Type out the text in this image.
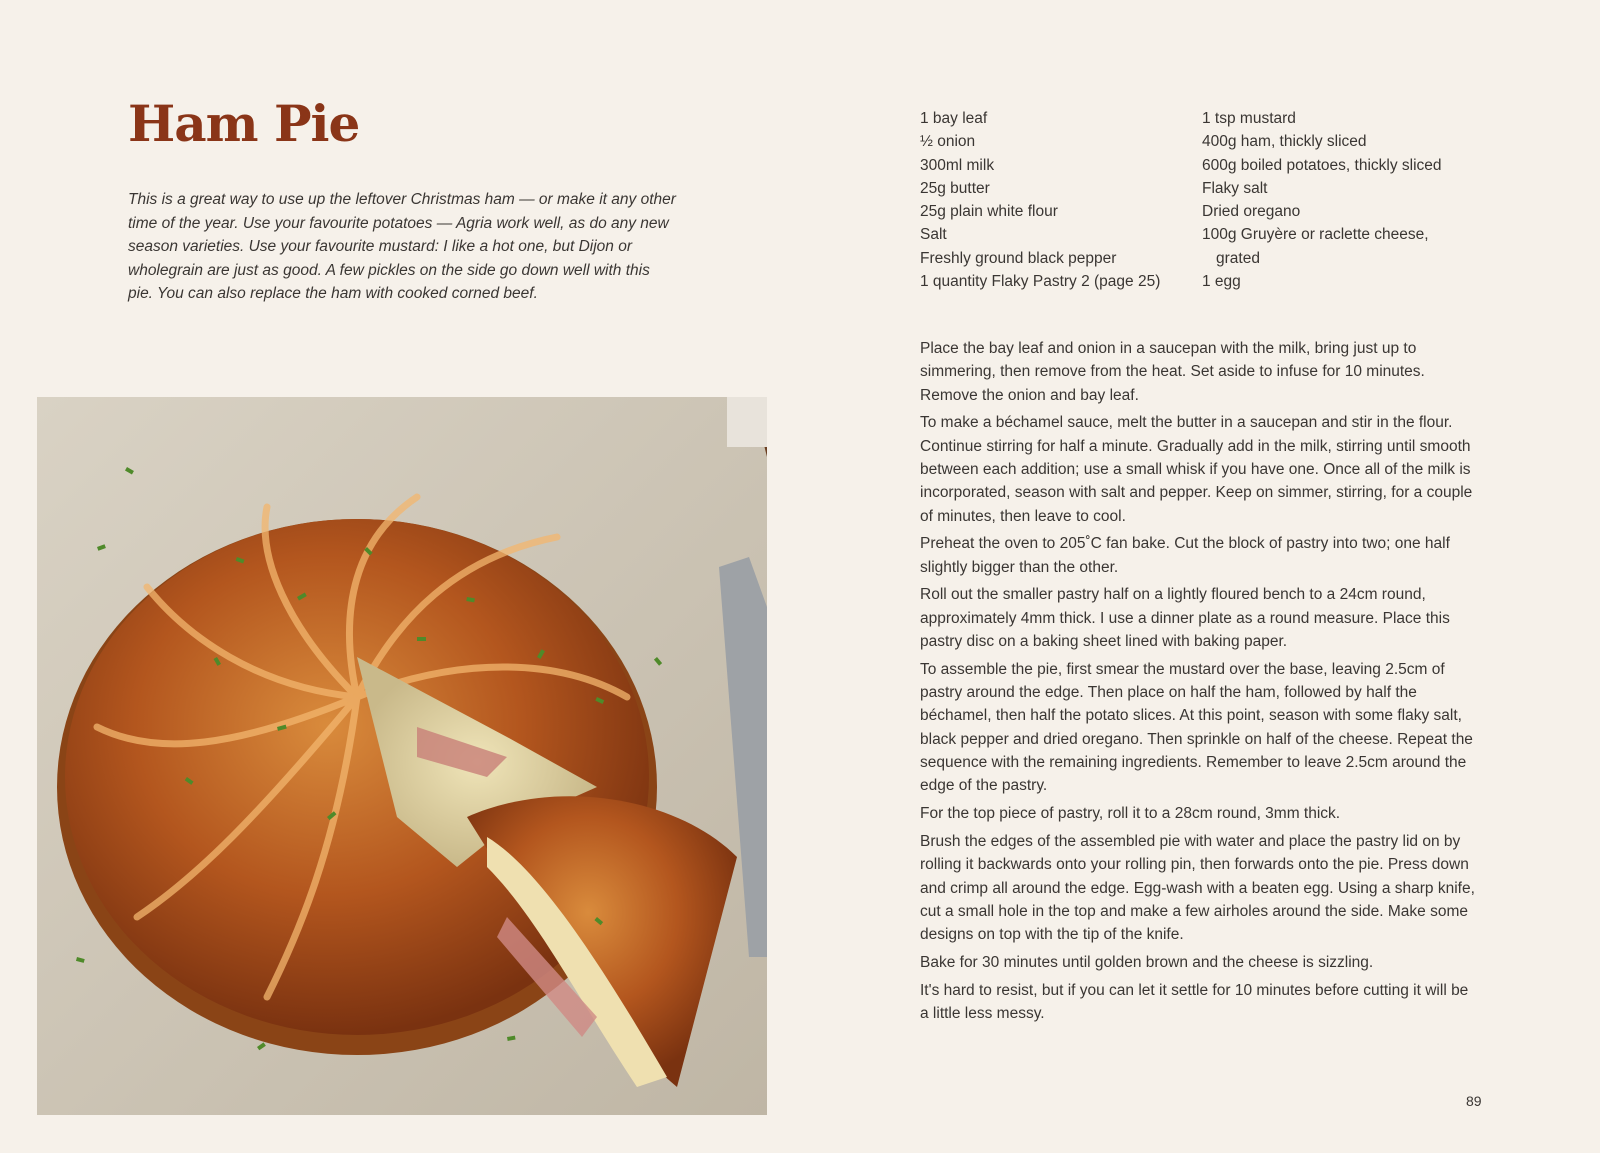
Ham Pie

This is a great way to use up the leftover Christmas ham — or make it any other time of the year. Use your favourite potatoes — Agria work well, as do any new season varieties. Use your favourite mustard: I like a hot one, but Dijon or wholegrain are just as good. A few pickles on the side go down well with this pie. You can also replace the ham with cooked corned beef.

1 bay leaf
½ onion
300ml milk
25g butter
25g plain white flour
Salt
Freshly ground black pepper
1 quantity Flaky Pastry 2 (page 25)
1 tsp mustard
400g ham, thickly sliced
600g boiled potatoes, thickly sliced
Flaky salt
Dried oregano
100g Gruyère or raclette cheese,
grated
1 egg

Place the bay leaf and onion in a saucepan with the milk, bring just up to simmering, then remove from the heat. Set aside to infuse for 10 minutes. Remove the onion and bay leaf.

To make a béchamel sauce, melt the butter in a saucepan and stir in the flour. Continue stirring for half a minute. Gradually add in the milk, stirring until smooth between each addition; use a small whisk if you have one. Once all of the milk is incorporated, season with salt and pepper. Keep on simmer, stirring, for a couple of minutes, then leave to cool.

Preheat the oven to 205˚C fan bake. Cut the block of pastry into two; one half slightly bigger than the other.

Roll out the smaller pastry half on a lightly floured bench to a 24cm round, approximately 4mm thick. I use a dinner plate as a round measure. Place this pastry disc on a baking sheet lined with baking paper.

To assemble the pie, first smear the mustard over the base, leaving 2.5cm of pastry around the edge. Then place on half the ham, followed by half the béchamel, then half the potato slices. At this point, season with some flaky salt, black pepper and dried oregano. Then sprinkle on half of the cheese. Repeat the sequence with the remaining ingredients. Remember to leave 2.5cm around the edge of the pastry.

For the top piece of pastry, roll it to a 28cm round, 3mm thick.

Brush the edges of the assembled pie with water and place the pastry lid on by rolling it backwards onto your rolling pin, then forwards onto the pie. Press down and crimp all around the edge. Egg-wash with a beaten egg. Using a sharp knife, cut a small hole in the top and make a few airholes around the side. Make some designs on top with the tip of the knife.

Bake for 30 minutes until golden brown and the cheese is sizzling.

It's hard to resist, but if you can let it settle for 10 minutes before cutting it will be a little less messy.

89
